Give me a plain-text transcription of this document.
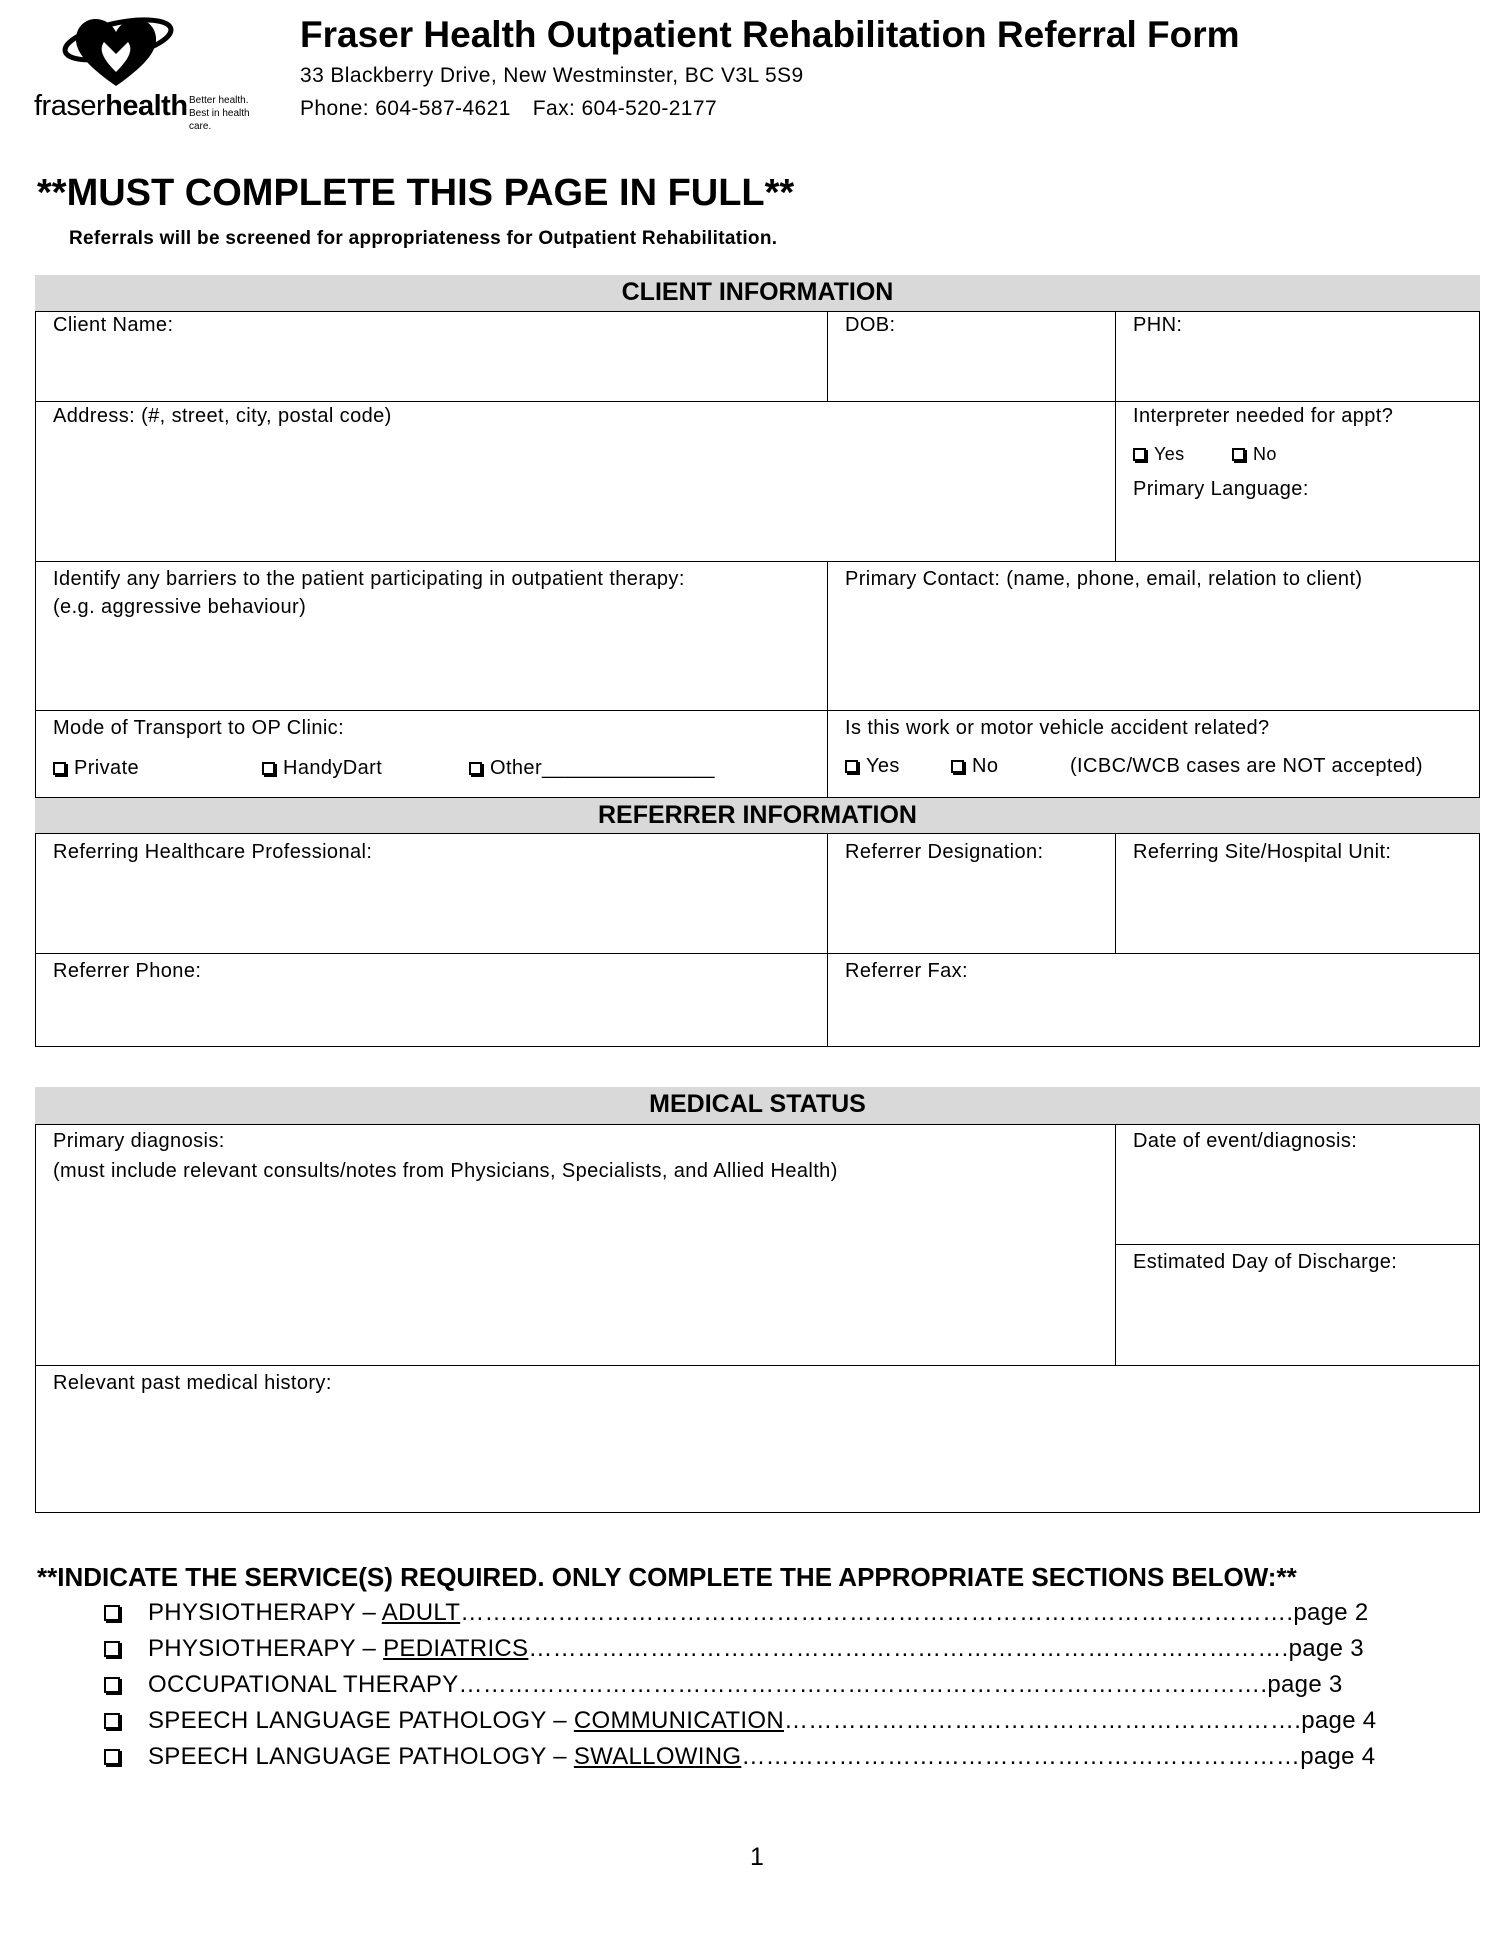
fraserhealth Better health.
Best in health care.
Fraser Health Outpatient Rehabilitation Referral Form
33 Blackberry Drive, New Westminster, BC V3L 5S9
Phone: 604-587-4621 Fax: 604-520-2177
**MUST COMPLETE THIS PAGE IN FULL**
Referrals will be screened for appropriateness for Outpatient Rehabilitation.
CLIENT INFORMATION
REFERRER INFORMATION
Client Name:	DOB:	PHN:
Address: (#, street, city, postal code)	Interpreter needed for appt?
Yes	No
Primary Language:
Identify any barriers to the patient participating in outpatient therapy:
(e.g. aggressive behaviour)
Primary Contact: (name, phone, email, relation to client)
Mode of Transport to OP Clinic:
Private	HandyDart	Other_______________
Is this work or motor vehicle accident related?
Yes	No	(ICBC/WCB cases are NOT accepted)
Referring Healthcare Professional:	Referrer Designation:	Referring Site/Hospital Unit:
Referrer Phone:	Referrer Fax:
MEDICAL STATUS
Primary diagnosis:
(must include relevant consults/notes from Physicians, Specialists, and Allied Health)
Date of event/diagnosis:
Estimated Day of Discharge:
Relevant past medical history:
**INDICATE THE SERVICE(S) REQUIRED. ONLY COMPLETE THE APPROPRIATE SECTIONS BELOW:**
PHYSIOTHERAPY – ADULT………………………………………………………………………………………….page 2
PHYSIOTHERAPY – PEDIATRICS………………………………………………………………………………….page 3
OCCUPATIONAL THERAPY……………………………………………………………………………………….page 3
SPEECH LANGUAGE PATHOLOGY – COMMUNICATION……………………………………………………….page 4
SPEECH LANGUAGE PATHOLOGY – SWALLOWING……………………………………………………………page 4
1
